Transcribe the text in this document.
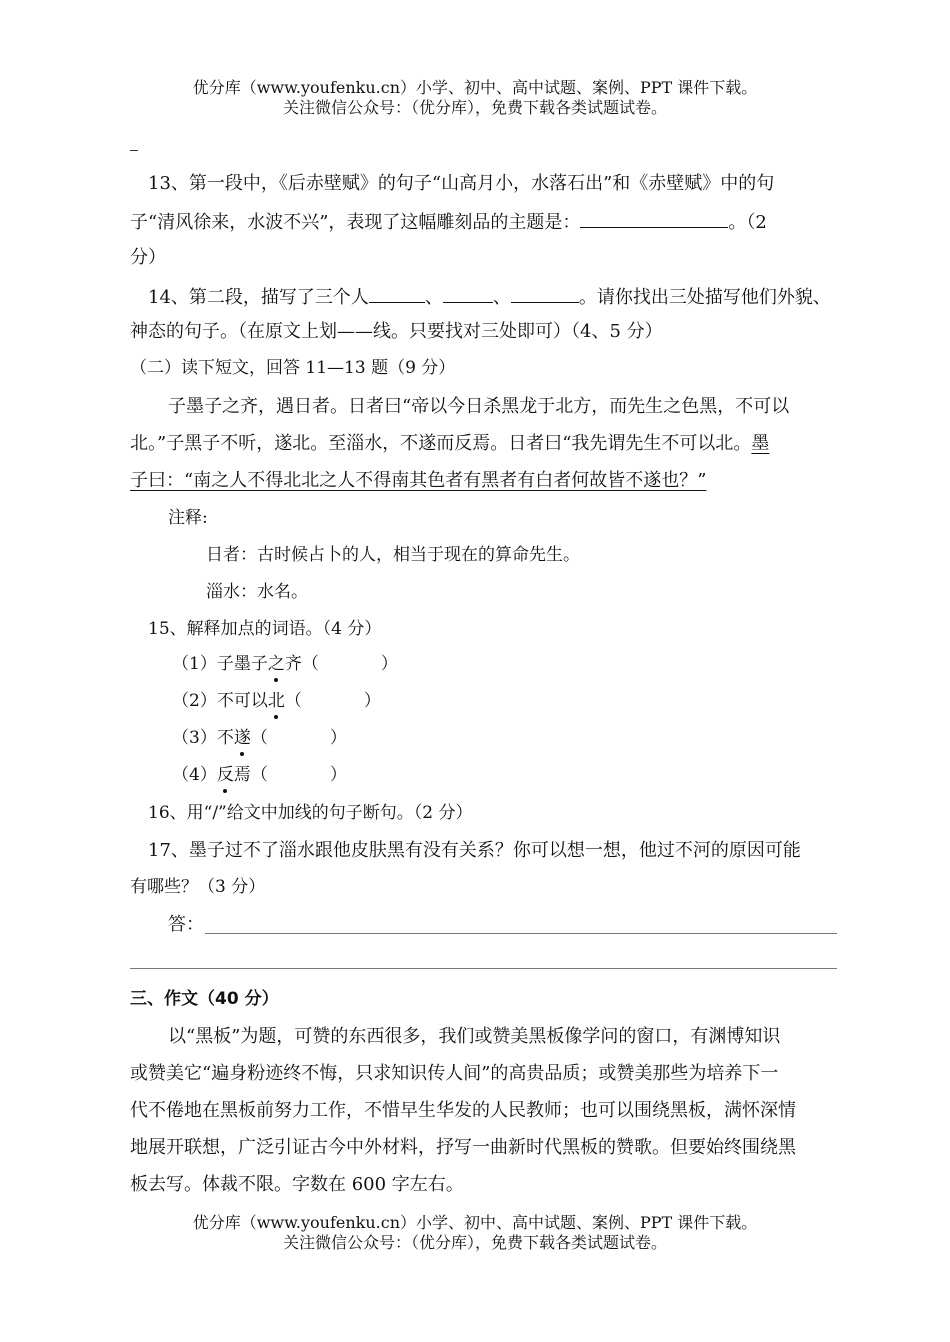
优分库（www.youfenku.cn）小学、初中、高中试题、案例、PPT 课件下载。
关注微信公众号：（优分库），免费下载各类试题试卷。
13、第一段中，《后赤壁赋》的句子“山高月小，水落石出”和《赤壁赋》中的句
子“清风徐来，水波不兴”，表现了这幅雕刻品的主题是：	。（2
分）
14、第二段，描写了三个人	、	、	。请你找出三处描写他们外貌、
神态的句子。（在原文上划——线。只要找对三处即可）（4、5 分）
（二）读下短文，回答 11—13 题（9 分）
子墨子之齐，遇日者。日者曰“帝以今日杀黑龙于北方，而先生之色黑，不可以
北。”子黑子不听，遂北。至淄水，不遂而反焉。日者曰“我先谓先生不可以北。墨
子曰：“南之人不得北北之人不得南其色者有黑者有白者何故皆不遂也？”
注释:
日者：古时候占卜的人，相当于现在的算命先生。
淄水：水名。
15、解释加点的词语。（4 分）
（1）子墨子之齐（	）
（2）不可以北（	）
（3）不遂（	）
（4）反焉（	）
16、用“/”给文中加线的句子断句。（2 分）
17、墨子过不了淄水跟他皮肤黑有没有关系？你可以想一想，他过不河的原因可能
有哪些？（3 分）
答：
三、作文（40 分）
以“黑板”为题，可赞的东西很多，我们或赞美黑板像学问的窗口，有渊博知识
或赞美它“遍身粉迹终不悔，只求知识传人间”的高贵品质；或赞美那些为培养下一
代不倦地在黑板前努力工作，不惜早生华发的人民教师；也可以围绕黑板，满怀深情
地展开联想，广泛引证古今中外材料，抒写一曲新时代黑板的赞歌。但要始终围绕黑
板去写。体裁不限。字数在 600 字左右。
优分库（www.youfenku.cn）小学、初中、高中试题、案例、PPT 课件下载。
关注微信公众号：（优分库），免费下载各类试题试卷。
